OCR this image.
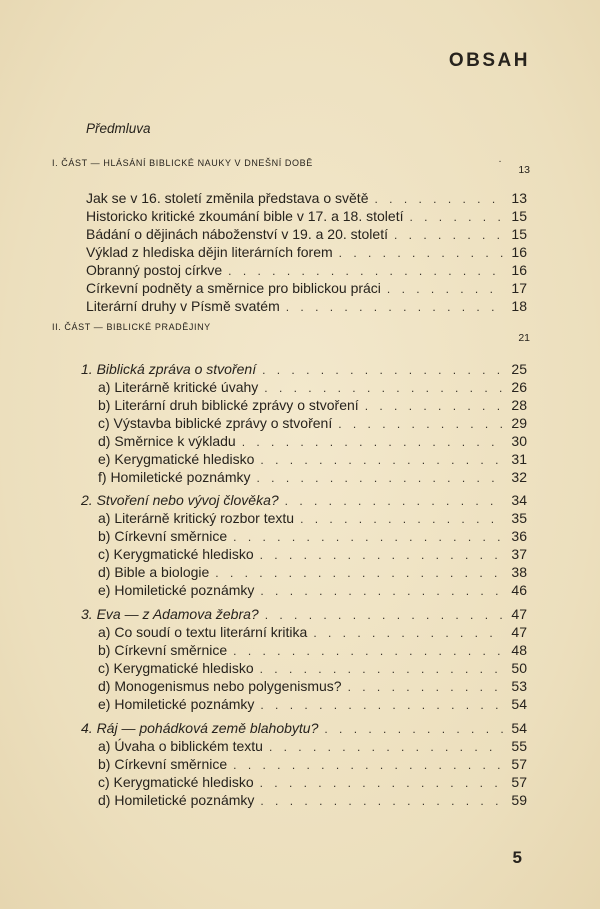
OBSAH
Předmluva
I. ČÁST — HLÁSÁNÍ BIBLICKÉ NAUKY V DNEŠNÍ DOBĚ	.
13
Jak se v 16. století změnila představa o světě . . .	13
Historicko kritické zkoumání bible v 17. a 18. století . . .	15
Bádání o dějinách náboženství v 19. a 20. století . . .	15
Výklad z hlediska dějin literárních forem . . .	16
Obranný postoj církve . . .	16
Církevní podněty a směrnice pro biblickou práci . . .	17
Literární druhy v Písmě svatém . . .	18
II. ČÁST — BIBLICKÉ PRADĚJINY
21
1. Biblická zpráva o stvoření . . .	25
a) Literárně kritické úvahy . . .	26
b) Literární druh biblické zprávy o stvoření . . .	28
c) Výstavba biblické zprávy o stvoření . . .	29
d) Směrnice k výkladu . . .	30
e) Kerygmatické hledisko . . .	31
f) Homiletické poznámky . . .	32
2. Stvoření nebo vývoj člověka? . . .	34
a) Literárně kritický rozbor textu . . .	35
b) Církevní směrnice . . .	36
c) Kerygmatické hledisko . . .	37
d) Bible a biologie . . .	38
e) Homiletické poznámky . . .	46
3. Eva — z Adamova žebra? . . .	47
a) Co soudí o textu literární kritika . . .	47
b) Církevní směrnice . . .	48
c) Kerygmatické hledisko . . .	50
d) Monogenismus nebo polygenismus? . . .	53
e) Homiletické poznámky . . .	54
4. Ráj — pohádková země blahobytu? . . .	54
a) Úvaha o biblickém textu . . .	55
b) Církevní směrnice . . .	57
c) Kerygmatické hledisko . . .	57
d) Homiletické poznámky . . .	59
5
